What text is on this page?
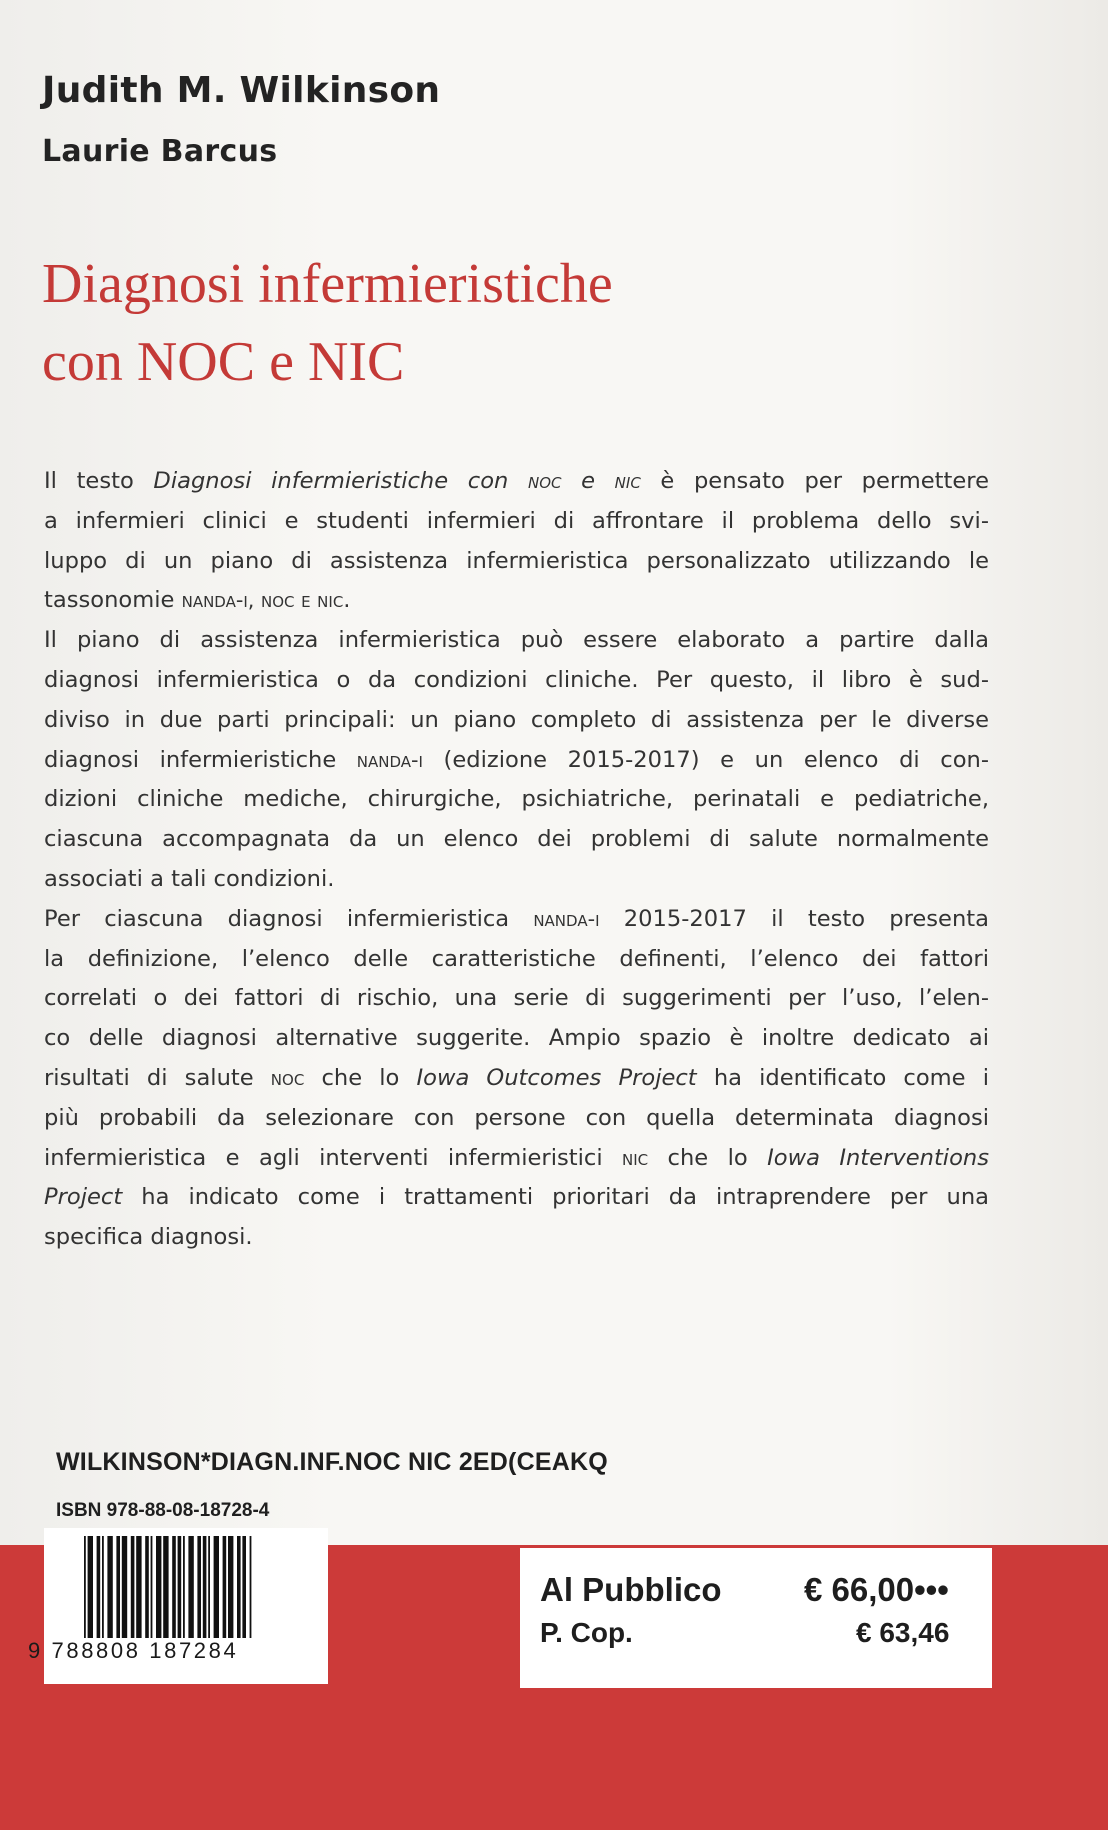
Judith M. Wilkinson
Laurie Barcus
Diagnosi infermieristiche
con NOC e NIC

Il testo Diagnosi infermieristiche con noc e nic è pensato per permettere
a infermieri clinici e studenti infermieri di affrontare il problema dello svi-
luppo di un piano di assistenza infermieristica personalizzato utilizzando le
tassonomie nanda-i, noc e nic.

Il piano di assistenza infermieristica può essere elaborato a partire dalla
diagnosi infermieristica o da condizioni cliniche. Per questo, il libro è sud-
diviso in due parti principali: un piano completo di assistenza per le diverse
diagnosi infermieristiche nanda-i (edizione 2015-2017) e un elenco di con-
dizioni cliniche mediche, chirurgiche, psichiatriche, perinatali e pediatriche,
ciascuna accompagnata da un elenco dei problemi di salute normalmente
associati a tali condizioni.

Per ciascuna diagnosi infermieristica nanda-i 2015-2017 il testo presenta
la definizione, l’elenco delle caratteristiche definenti, l’elenco dei fattori
correlati o dei fattori di rischio, una serie di suggerimenti per l’uso, l’elen-
co delle diagnosi alternative suggerite. Ampio spazio è inoltre dedicato ai
risultati di salute noc che lo Iowa Outcomes Project ha identificato come i
più probabili da selezionare con persone con quella determinata diagnosi
infermieristica e agli interventi infermieristici nic che lo Iowa Interventions
Project ha indicato come i trattamenti prioritari da intraprendere per una
specifica diagnosi.

WILKINSON*DIAGN.INF.NOC NIC 2ED(CEAKQ
ISBN 978-88-08-18728-4
9 788808 187284
Al Pubblico	€ 66,00•••
P. Cop.	€ 63,46
